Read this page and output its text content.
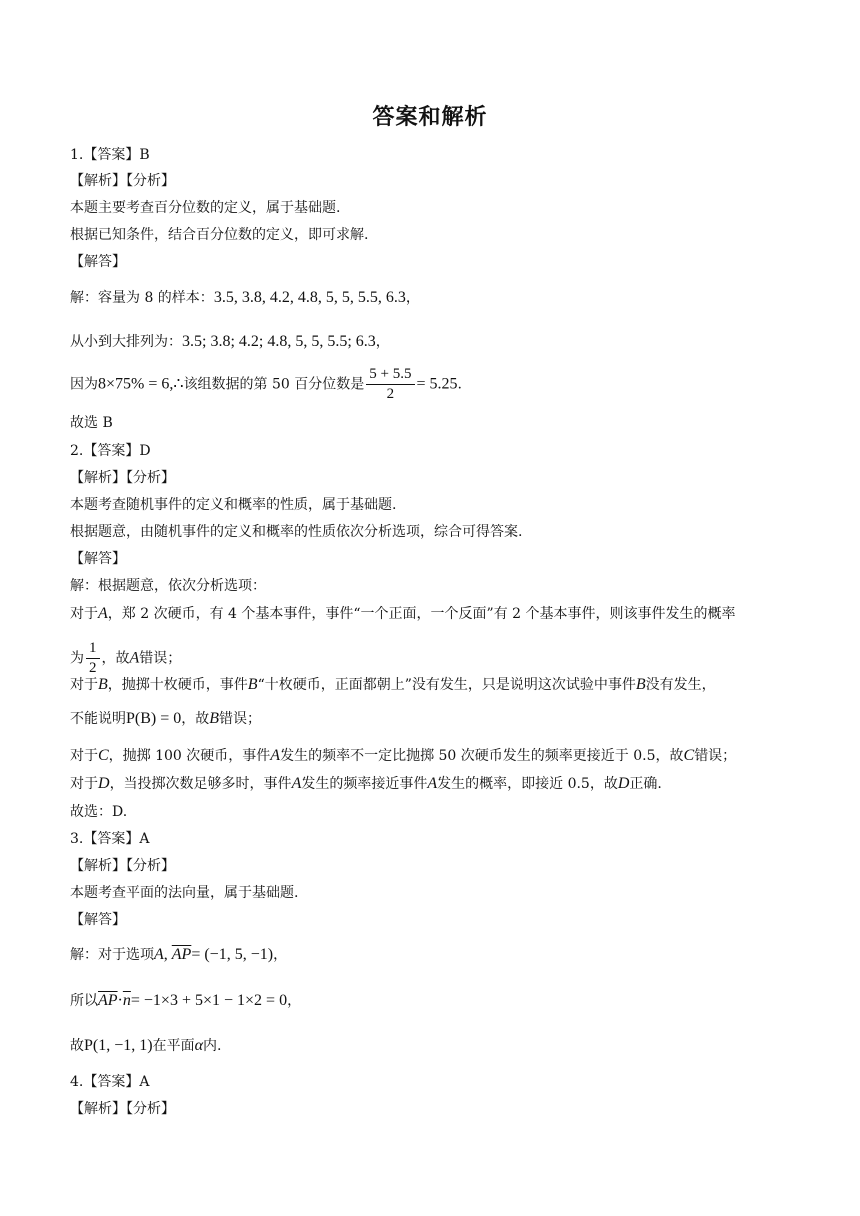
答案和解析
1.【答案】B
【解析】【分析】
本题主要考查百分位数的定义，属于基础题.
根据已知条件，结合百分位数的定义，即可求解.
【解答】
解：容量为 8 的样本：3.5, 3.8, 4.2, 4.8, 5, 5, 5.5, 6.3，
从小到大排列为：3.5; 3.8; 4.2; 4.8, 5, 5, 5.5; 6.3，
因为8×75% = 6,∴该组数据的第 50 百分位数是 $\frac{5 + 5.5}{2} = 5.25$.
故选 B
2.【答案】D
【解析】【分析】
本题考查随机事件的定义和概率的性质，属于基础题.
根据题意，由随机事件的定义和概率的性质依次分析选项，综合可得答案.
【解答】
解：根据题意，依次分析选项：
对于A，郑 2 次硬币，有 4 个基本事件，事件“一个正面，一个反面”有 2 个基本事件，则该事件发生的概率
为 $\frac{1}{2}$ ，故A错误；
对于B，抛掷十枚硬币，事件B“十枚硬币，正面都朝上”没有发生，只是说明这次试验中事件B没有发生，
不能说明P(B) = 0，故B错误；
对于C，抛掷 100 次硬币，事件A发生的频率不一定比抛掷 50 次硬币发生的频率更接近于 0.5，故C错误；
对于D，当投掷次数足够多时，事件A发生的频率接近事件A发生的概率，即接近 0.5，故D正确.
故选：D.
3.【答案】A
【解析】【分析】
本题考查平面的法向量，属于基础题.
【解答】
解：对于选项A, $\overline{AP}= (-1$, 5, −1)，
所以$\overline{AP}\cdot\overline{n}= -1\times 3 + 5\times 1 - 1\times 2 = 0$，
故P(1, −1, 1)在平面α内.
4.【答案】A
【解析】【分析】
